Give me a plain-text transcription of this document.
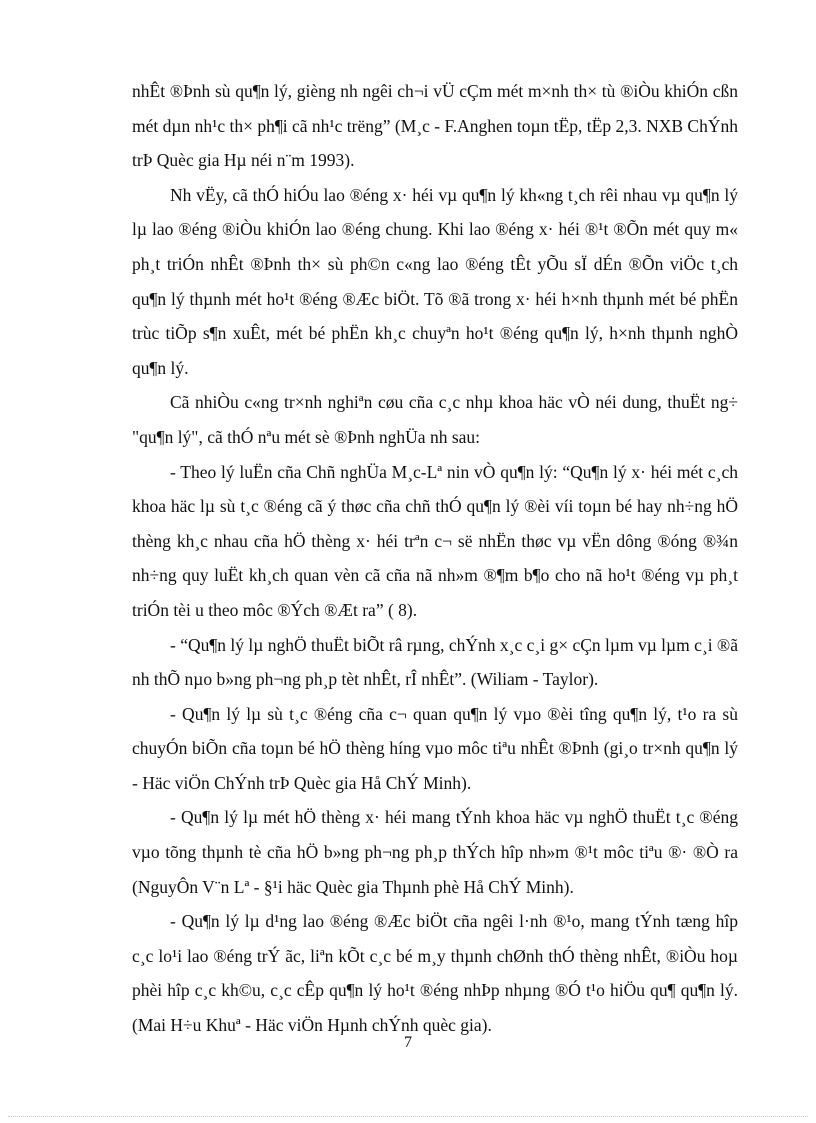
nhÊt ®Þnh sù qu¶n lý, gièng nh ngêi ch¬i vÜ cÇm mét m×nh th× tù ®iÒu khiÓn cßn mét dµn nh¹c th× ph¶i cã nh¹c trëng” (M¸c - F.Anghen toµn tËp, tËp 2,3. NXB ChÝnh trÞ Quèc gia Hµ néi n¨m 1993).

Nh vËy, cã thÓ hiÓu lao ®éng x· héi vµ qu¶n lý kh«ng t¸ch rêi nhau vµ qu¶n lý lµ lao ®éng ®iÒu khiÓn lao ®éng chung. Khi lao ®éng x· héi ®¹t ®Õn mét quy m« ph¸t triÓn nhÊt ®Þnh th× sù ph©n c«ng lao ®éng tÊt yÕu sÏ dÉn ®Õn viÖc t¸ch qu¶n lý thµnh mét ho¹t ®éng ®Æc biÖt. Tõ ®ã trong x· héi h×nh thµnh mét bé phËn trùc tiÕp s¶n xuÊt, mét bé phËn kh¸c chuyªn ho¹t ®éng qu¶n lý, h×nh thµnh nghÒ qu¶n lý.

Cã nhiÒu c«ng tr×nh nghiªn cøu cña c¸c nhµ khoa häc vÒ néi dung, thuËt ng÷ "qu¶n lý", cã thÓ nªu mét sè ®Þnh nghÜa nh sau:

- Theo lý luËn cña Chñ nghÜa M¸c-Lª nin vÒ qu¶n lý: “Qu¶n lý x· héi mét c¸ch khoa häc lµ sù t¸c ®éng cã ý thøc cña chñ thÓ qu¶n lý ®èi víi toµn bé hay nh÷ng hÖ thèng kh¸c nhau cña hÖ thèng x· héi trªn c¬ së nhËn thøc vµ vËn dông ®óng ®¾n nh÷ng quy luËt kh¸ch quan vèn cã cña nã nh»m ®¶m b¶o cho nã ho¹t ®éng vµ ph¸t triÓn tèi u theo môc ®Ých ®Æt ra” ( 8).

- “Qu¶n lý lµ nghÖ thuËt biÕt râ rµng, chÝnh x¸c c¸i g× cÇn lµm vµ lµm c¸i ®ã nh thÕ nµo b»ng ph¬ng ph¸p tèt nhÊt, rÎ nhÊt”. (Wiliam - Taylor).

- Qu¶n lý lµ sù t¸c ®éng cña c¬ quan qu¶n lý vµo ®èi tîng qu¶n lý, t¹o ra sù chuyÓn biÕn cña toµn bé hÖ thèng híng vµo môc tiªu nhÊt ®Þnh (gi¸o tr×nh qu¶n lý - Häc viÖn ChÝnh trÞ Quèc gia Hå ChÝ Minh).

- Qu¶n lý lµ mét hÖ thèng x· héi mang tÝnh khoa häc vµ nghÖ thuËt t¸c ®éng vµo tõng thµnh tè cña hÖ b»ng ph¬ng ph¸p thÝch hîp nh»m ®¹t môc tiªu ®· ®Ò ra (NguyÔn V¨n Lª - §¹i häc Quèc gia Thµnh phè Hå ChÝ Minh).

- Qu¶n lý lµ d¹ng lao ®éng ®Æc biÖt cña ngêi l·nh ®¹o, mang tÝnh tæng hîp c¸c lo¹i lao ®éng trÝ ãc, liªn kÕt c¸c bé m¸y thµnh chØnh thÓ thèng nhÊt, ®iÒu hoµ phèi hîp c¸c kh©u, c¸c cÊp qu¶n lý ho¹t ®éng nhÞp nhµng ®Ó t¹o hiÖu qu¶ qu¶n lý. (Mai H÷u Khuª - Häc viÖn Hµnh chÝnh quèc gia).

7
